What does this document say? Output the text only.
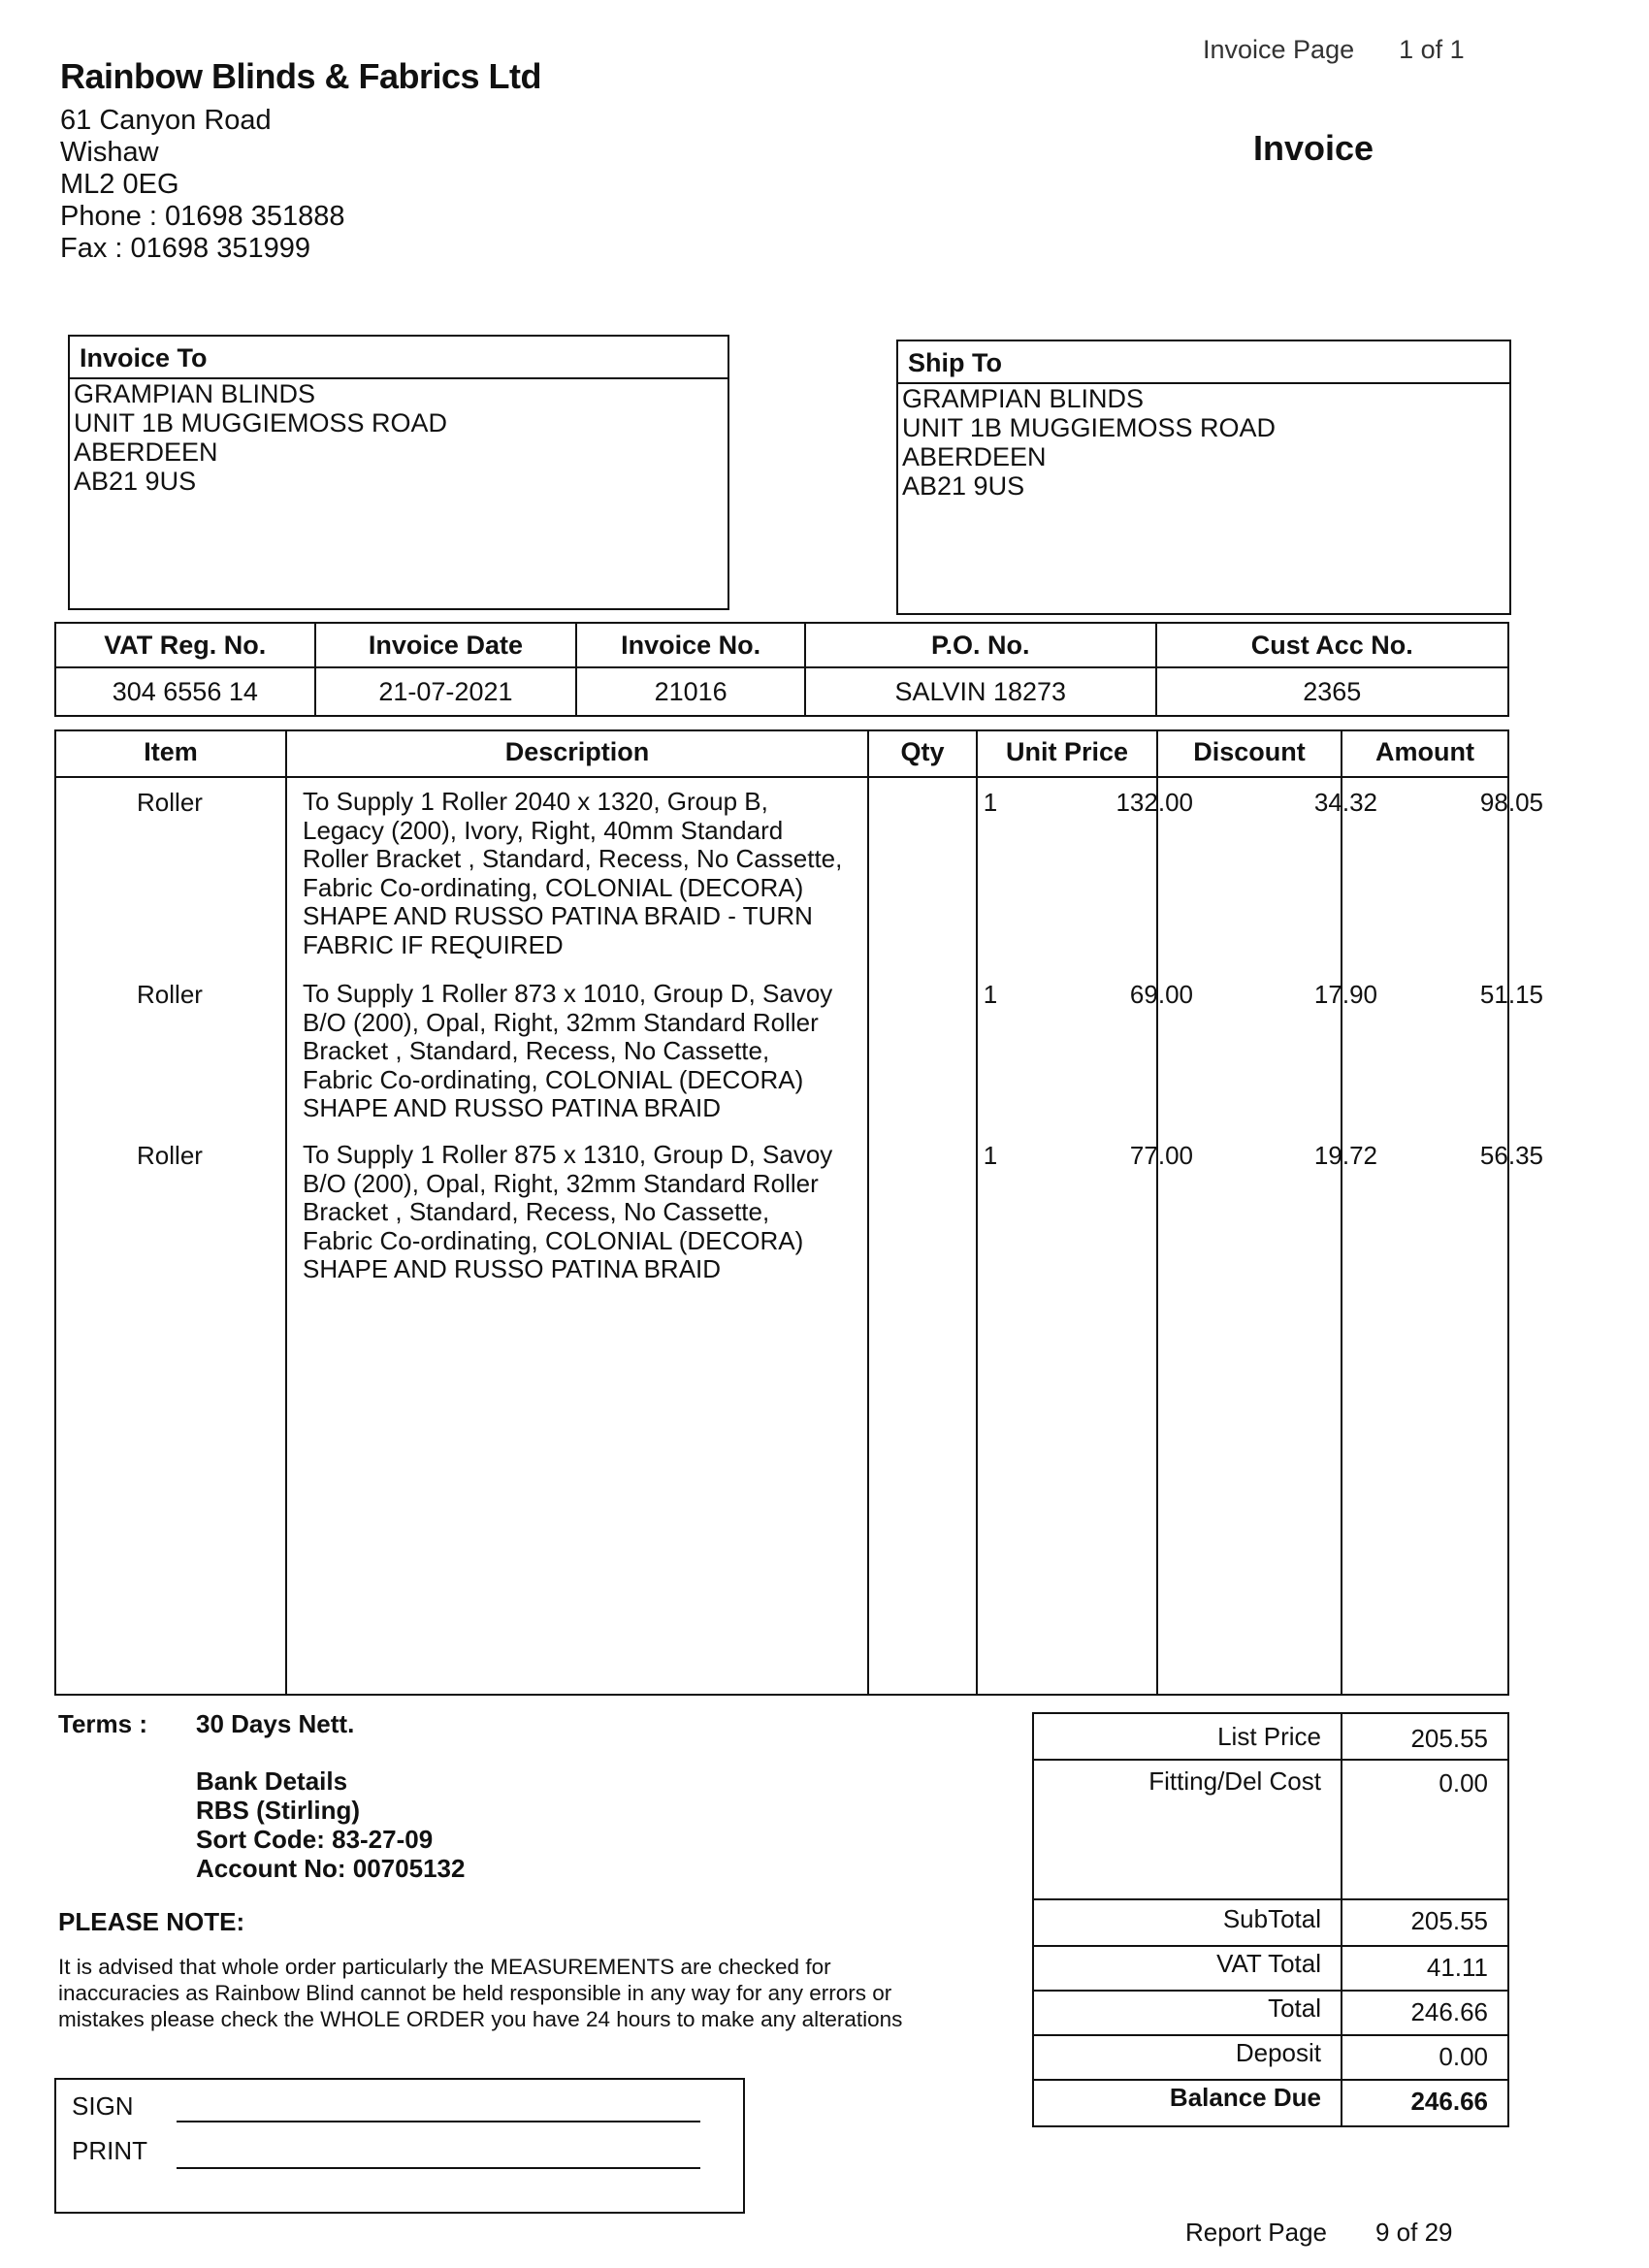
Rainbow Blinds & Fabrics Ltd
61 Canyon Road
Wishaw
ML2 0EG
Phone : 01698 351888
Fax : 01698 351999
Invoice Page 1 of 1
Invoice
Invoice To
GRAMPIAN BLINDS
UNIT 1B MUGGIEMOSS ROAD
ABERDEEN
AB21 9US
Ship To
GRAMPIAN BLINDS
UNIT 1B MUGGIEMOSS ROAD
ABERDEEN
AB21 9US
VAT Reg. No.	Invoice Date	Invoice No.	P.O. No.	Cust Acc No.
304 6556 14	21-07-2021	21016	SALVIN 18273	2365
Item	Description	Qty	Unit Price	Discount	Amount
Roller	To Supply 1 Roller 2040 x 1320, Group B,
Legacy (200), Ivory, Right, 40mm Standard
Roller Bracket , Standard, Recess, No Cassette,
Fabric Co-ordinating, COLONIAL (DECORA)
SHAPE AND RUSSO PATINA BRAID - TURN
FABRIC IF REQUIRED
1	132.00	34.32	98.05
Roller	To Supply 1 Roller 873 x 1010, Group D, Savoy
B/O (200), Opal, Right, 32mm Standard Roller
Bracket , Standard, Recess, No Cassette,
Fabric Co-ordinating, COLONIAL (DECORA)
SHAPE AND RUSSO PATINA BRAID
1	69.00	17.90	51.15
Roller	To Supply 1 Roller 875 x 1310, Group D, Savoy
B/O (200), Opal, Right, 32mm Standard Roller
Bracket , Standard, Recess, No Cassette,
Fabric Co-ordinating, COLONIAL (DECORA)
SHAPE AND RUSSO PATINA BRAID
1	77.00	19.72	56.35
Terms : 30 Days Nett.
Bank Details
RBS (Stirling)
Sort Code: 83-27-09
Account No: 00705132
PLEASE NOTE:
It is advised that whole order particularly the MEASUREMENTS are checked for
inaccuracies as Rainbow Blind cannot be held responsible in any way for any errors or
mistakes please check the WHOLE ORDER you have 24 hours to make any alterations
List Price	205.55
Fitting/Del Cost	0.00
SubTotal	205.55
VAT Total	41.11
Total	246.66
Deposit	0.00
Balance Due	246.66
SIGN
PRINT
Report Page 9 of 29
